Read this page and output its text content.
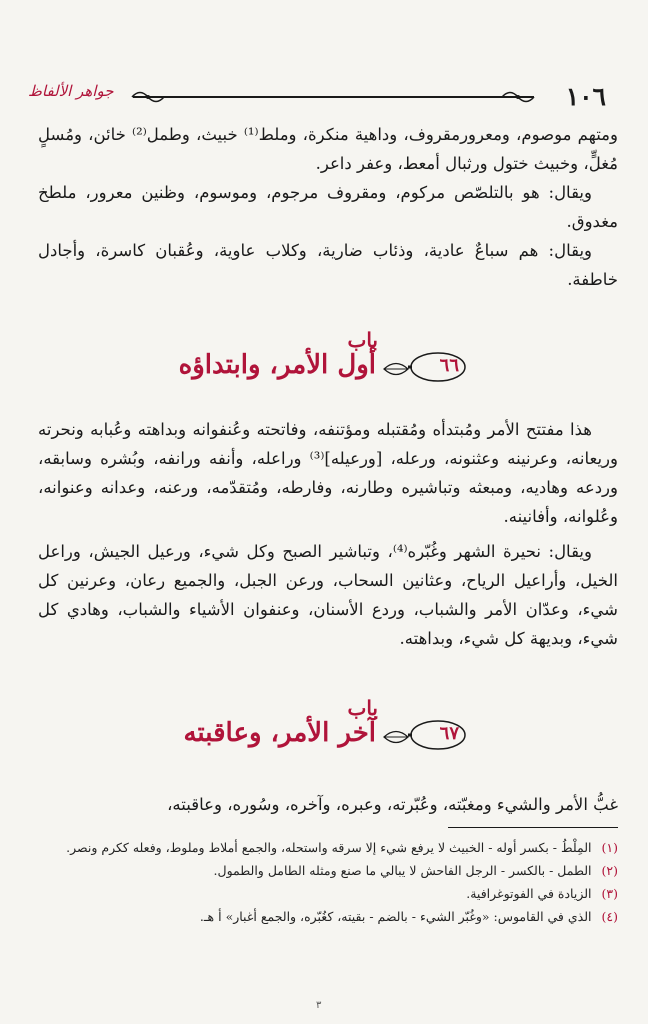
١٠٦
جواهر الألفاظ

ومتهم موصوم، ومعرورمقروف، وداهية منكرة، وملط⁽¹⁾ خبيث، وطمل⁽²⁾ خائن، ومُسلٍ مُغلٍّ، وخبيث ختول ورثبال أمعط، وعفر داعر.

ويقال: هو بالتلصّص مركوم، ومقروف مرجوم، وموسوم، وظنين معرور، ملطخ مغدوق.

ويقال: هم سباعٌ عادية، وذئاب ضارية، وكلاب عاوية، وعُقبان كاسرة، وأجادل خاطفة.

باب
٦٦
أول الأمر، وابتداؤه

هذا مفتتح الأمر ومُبتدأه ومُقتبله ومؤتنفه، وفاتحته وعُنفوانه وبداهته وعُبابه ونحرته وريعانه، وعرنينه وعثنونه، ورعله، [ورعيله]⁽³⁾ وراعله، وأنفه ورانفه، وبُشره وسابقه، وردعه وهاديه، ومبعثه وتباشيره وطارنه، وفارطه، ومُتقدّمه، ورعنه، وعدانه وعنوانه، وعُلوانه، وأفانينه.

ويقال: نحيرة الشهر وغُبّره⁽⁴⁾، وتباشير الصبح وكل شيء، ورعيل الجيش، وراعل الخيل، وأراعيل الرياح، وعثانين السحاب، ورعن الجبل، والجميع رعان، وعرنين كل شيء، وعدّان الأمر والشباب، وردع الأسنان، وعنفوان الأشياء والشباب، وهادي كل شيء، وبديهة كل شيء، وبداهته.

باب
٦٧
آخر الأمر، وعاقبته

غبُّ الأمر والشيء ومغبّته، وعُبّرته، وعبره، وآخره، وسُوره، وعاقبته،

(١) المِلْطُ - بكسر أوله - الخبيث لا يرفع شيء إلا سرقه واستحله، والجمع أملاط وملوط، وفعله ككرم ونصر.

(٢) الطمل - بالكسر - الرجل الفاحش لا يبالي ما صنع ومثله الطامل والطمول.

(٣) الزيادة في الفوتوغرافية.

(٤) الذي في القاموس: «وغُبّر الشيء - بالضم - بقيته، كغُبّره، والجمع أغبار» أ هـ.

٣
